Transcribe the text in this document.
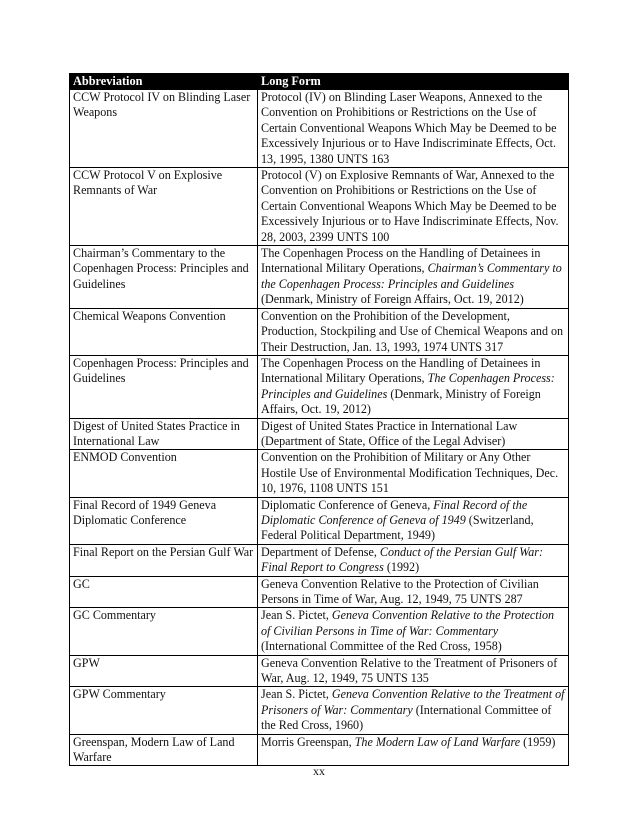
Abbreviation	Long Form
CCW Protocol IV on Blinding Laser Weapons	Protocol (IV) on Blinding Laser Weapons, Annexed to the Convention on Prohibitions or Restrictions on the Use of Certain Conventional Weapons Which May be Deemed to be Excessively Injurious or to Have Indiscriminate Effects, Oct. 13, 1995, 1380 UNTS 163
CCW Protocol V on Explosive Remnants of War	Protocol (V) on Explosive Remnants of War, Annexed to the Convention on Prohibitions or Restrictions on the Use of Certain Conventional Weapons Which May be Deemed to be Excessively Injurious or to Have Indiscriminate Effects, Nov. 28, 2003, 2399 UNTS 100
Chairman’s Commentary to the Copenhagen Process: Principles and Guidelines	The Copenhagen Process on the Handling of Detainees in International Military Operations, Chairman’s Commentary to the Copenhagen Process: Principles and Guidelines (Denmark, Ministry of Foreign Affairs, Oct. 19, 2012)
Chemical Weapons Convention	Convention on the Prohibition of the Development, Production, Stockpiling and Use of Chemical Weapons and on Their Destruction, Jan. 13, 1993, 1974 UNTS 317
Copenhagen Process: Principles and Guidelines	The Copenhagen Process on the Handling of Detainees in International Military Operations, The Copenhagen Process: Principles and Guidelines (Denmark, Ministry of Foreign Affairs, Oct. 19, 2012)
Digest of United States Practice in International Law	Digest of United States Practice in International Law (Department of State, Office of the Legal Adviser)
ENMOD Convention	Convention on the Prohibition of Military or Any Other Hostile Use of Environmental Modification Techniques, Dec. 10, 1976, 1108 UNTS 151
Final Record of 1949 Geneva Diplomatic Conference	Diplomatic Conference of Geneva, Final Record of the Diplomatic Conference of Geneva of 1949 (Switzerland, Federal Political Department, 1949)
Final Report on the Persian Gulf War	Department of Defense, Conduct of the Persian Gulf War: Final Report to Congress (1992)
GC	Geneva Convention Relative to the Protection of Civilian Persons in Time of War, Aug. 12, 1949, 75 UNTS 287
GC Commentary	Jean S. Pictet, Geneva Convention Relative to the Protection of Civilian Persons in Time of War: Commentary (International Committee of the Red Cross, 1958)
GPW	Geneva Convention Relative to the Treatment of Prisoners of War, Aug. 12, 1949, 75 UNTS 135
GPW Commentary	Jean S. Pictet, Geneva Convention Relative to the Treatment of Prisoners of War: Commentary (International Committee of the Red Cross, 1960)
Greenspan, Modern Law of Land Warfare	Morris Greenspan, The Modern Law of Land Warfare (1959)
xx
